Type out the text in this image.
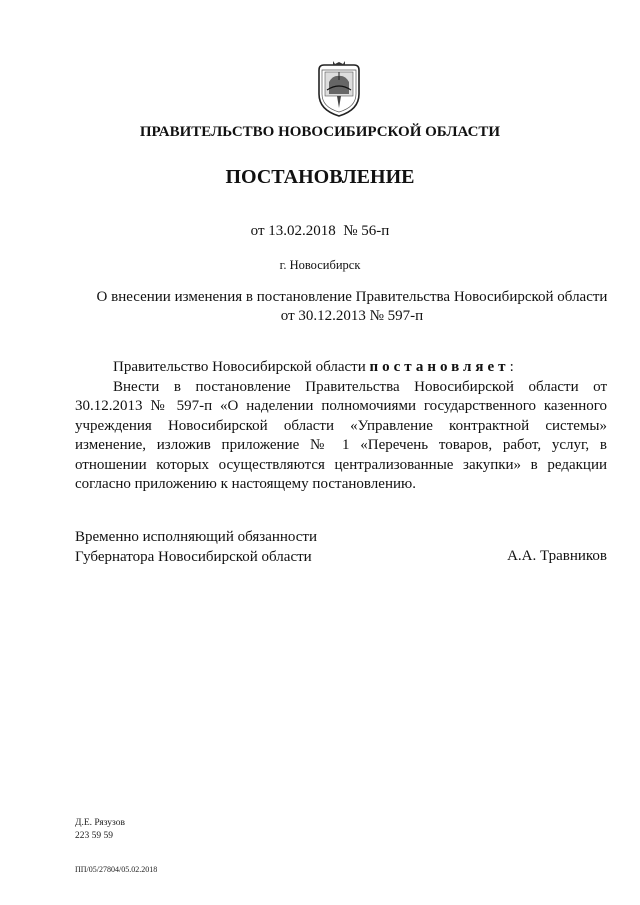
ПРАВИТЕЛЬСТВО НОВОСИБИРСКОЙ ОБЛАСТИ
ПОСТАНОВЛЕНИЕ
от 13.02.2018  № 56-п
г. Новосибирск
О внесении изменения в постановление Правительства Новосибирской области
от 30.12.2013 № 597-п

Правительство Новосибирской области постановляет:

Внести в постановление Правительства Новосибирской области от 30.12.2013 № 597-п «О наделении полномочиями государственного казенного учреждения Новосибирской области «Управление контрактной системы» изменение, изложив приложение № 1 «Перечень товаров, работ, услуг, в отношении которых осуществляются централизованные закупки» в редакции согласно приложению к настоящему постановлению.

Временно исполняющий обязанности
Губернатора Новосибирской области	А.А. Травников
Д.Е. Рязузов
223 59 59
ПП/05/27804/05.02.2018
